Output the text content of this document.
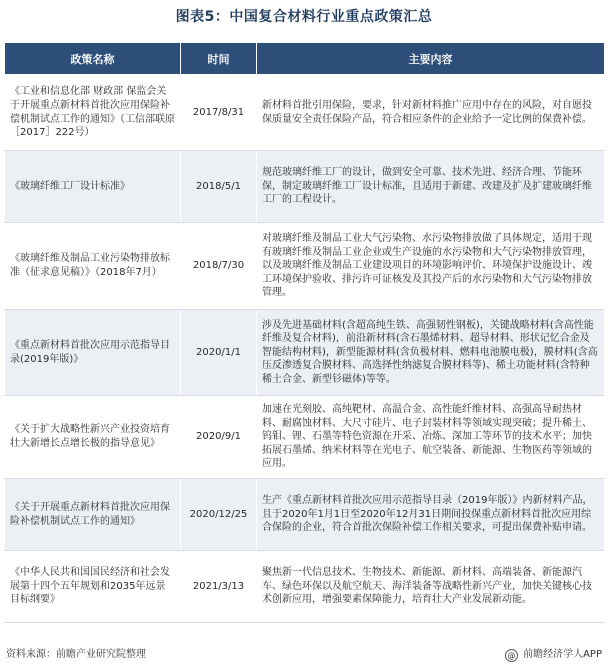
图表5：中国复合材料行业重点政策汇总
政策名称	时间	主要内容
《工业和信息化部 财政部 保监会关于开展重点新材料首批次应用保险补偿机制试点工作的通知》（工信部联原［2017］222号）	2017/8/31	新材料首批引用保险，要求，针对新材料推广应用中存在的风险，对自愿投保质量安全责任保险产品，符合相应条件的企业给予一定比例的保费补偿。
《玻璃纤维工厂设计标准》	2018/5/1	规范玻璃纤维工厂的设计，做到安全可靠、技术先进、经济合理、节能环保，制定玻璃纤维工厂设计标准，且适用于新建、改建及扩及扩建玻璃纤维工厂的工程设计。
《玻璃纤维及制品工业污染物排放标准（征求意见稿）》（2018年7月）	2018/7/30	对玻璃纤维及制品工业大气污染物、水污染物排放做了具体规定，适用于现有玻璃纤维及制品工业企业或生产设施的水污染物和大气污染物排放管理，以及玻璃纤维及制品工业建设项目的环境影响评价、环境保护设施设计、竣工环境保护验收、排污许可证核发及其投产后的水污染物和大气污染物排放管理。
《重点新材料首批次应用示范指导目录(2019年版)》	2020/1/1	涉及先进基础材料(含超高纯生铁、高强韧性钢板)，关键战略材料(含高性能纤维及复合材料)，前沿新材料(含石墨烯材料、超导材料、形状记忆合金及智能结构材料)，新型能源材料(含负极材料、燃料电池膜电极)，膜材料(含高压反渗透复合膜材料、高选择性纳滤复合膜材料等)、稀土功能材料(含特种稀土合金、新型钐磁体)等等。
《关于扩大战略性新兴产业投资培育壮大新增长点增长极的指导意见》	2020/9/1	加速在光刻胶、高纯靶材、高温合金、高性能纤维材料、高强高导耐热材料、耐腐蚀材料、大尺寸硅片、电子封装材料等领域实现突破；提升稀土、钨钼、锂、石墨等特色资源在开采、冶炼、深加工等环节的技术水平；加快拓展石墨烯、纳米材料等在光电子、航空装备、新能源、生物医药等领域的应用。
《关于开展重点新材料首批次应用保险补偿机制试点工作的通知》	2020/12/25	生产《重点新材料首批次应用示范指导目录（2019年版）》内新材料产品，且于2020年1月1日至2020年12月31日期间投保重点新材料首批次应用综合保险的企业，符合首批次保险补偿工作相关要求，可提出保费补贴申请。
《中华人民共和国国民经济和社会发展第十四个五年规划和2035年远景目标纲要》	2021/3/13	聚焦新一代信息技术、生物技术、新能源、新材料、高端装备、新能源汽车、绿色环保以及航空航天、海洋装备等战略性新兴产业，加快关键核心技术创新应用，增强要素保障能力，培育壮大产业发展新动能。
资料来源：前瞻产业研究院整理	@ 前瞻经济学人APP
